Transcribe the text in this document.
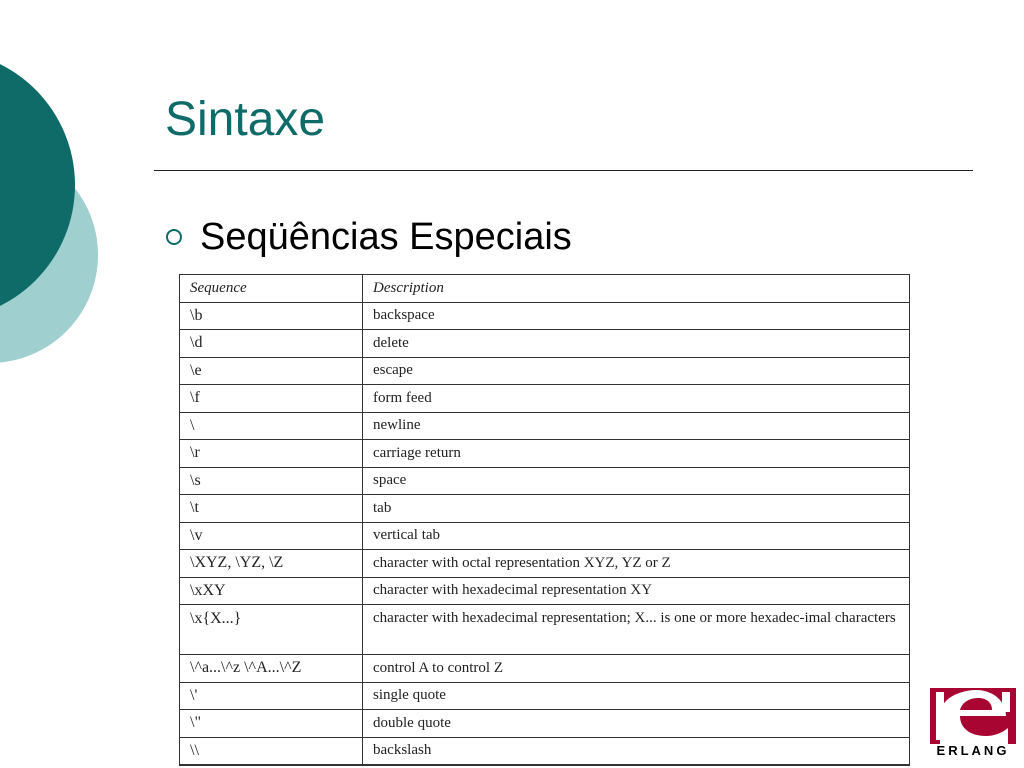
Sintaxe
Seqüências Especiais
Sequence	Description
\b	backspace
\d	delete
\e	escape
\f	form feed
\	newline
\r	carriage return
\s	space
\t	tab
\v	vertical tab
\XYZ, \YZ, \Z	character with octal representation XYZ, YZ or Z
\xXY	character with hexadecimal representation XY
\x{X...}	character with hexadecimal representation; X... is one or more hexadec-imal characters
\^a...\^z \^A...\^Z	control A to control Z
\'	single quote
\"	double quote
\\	backslash	ERLANG
